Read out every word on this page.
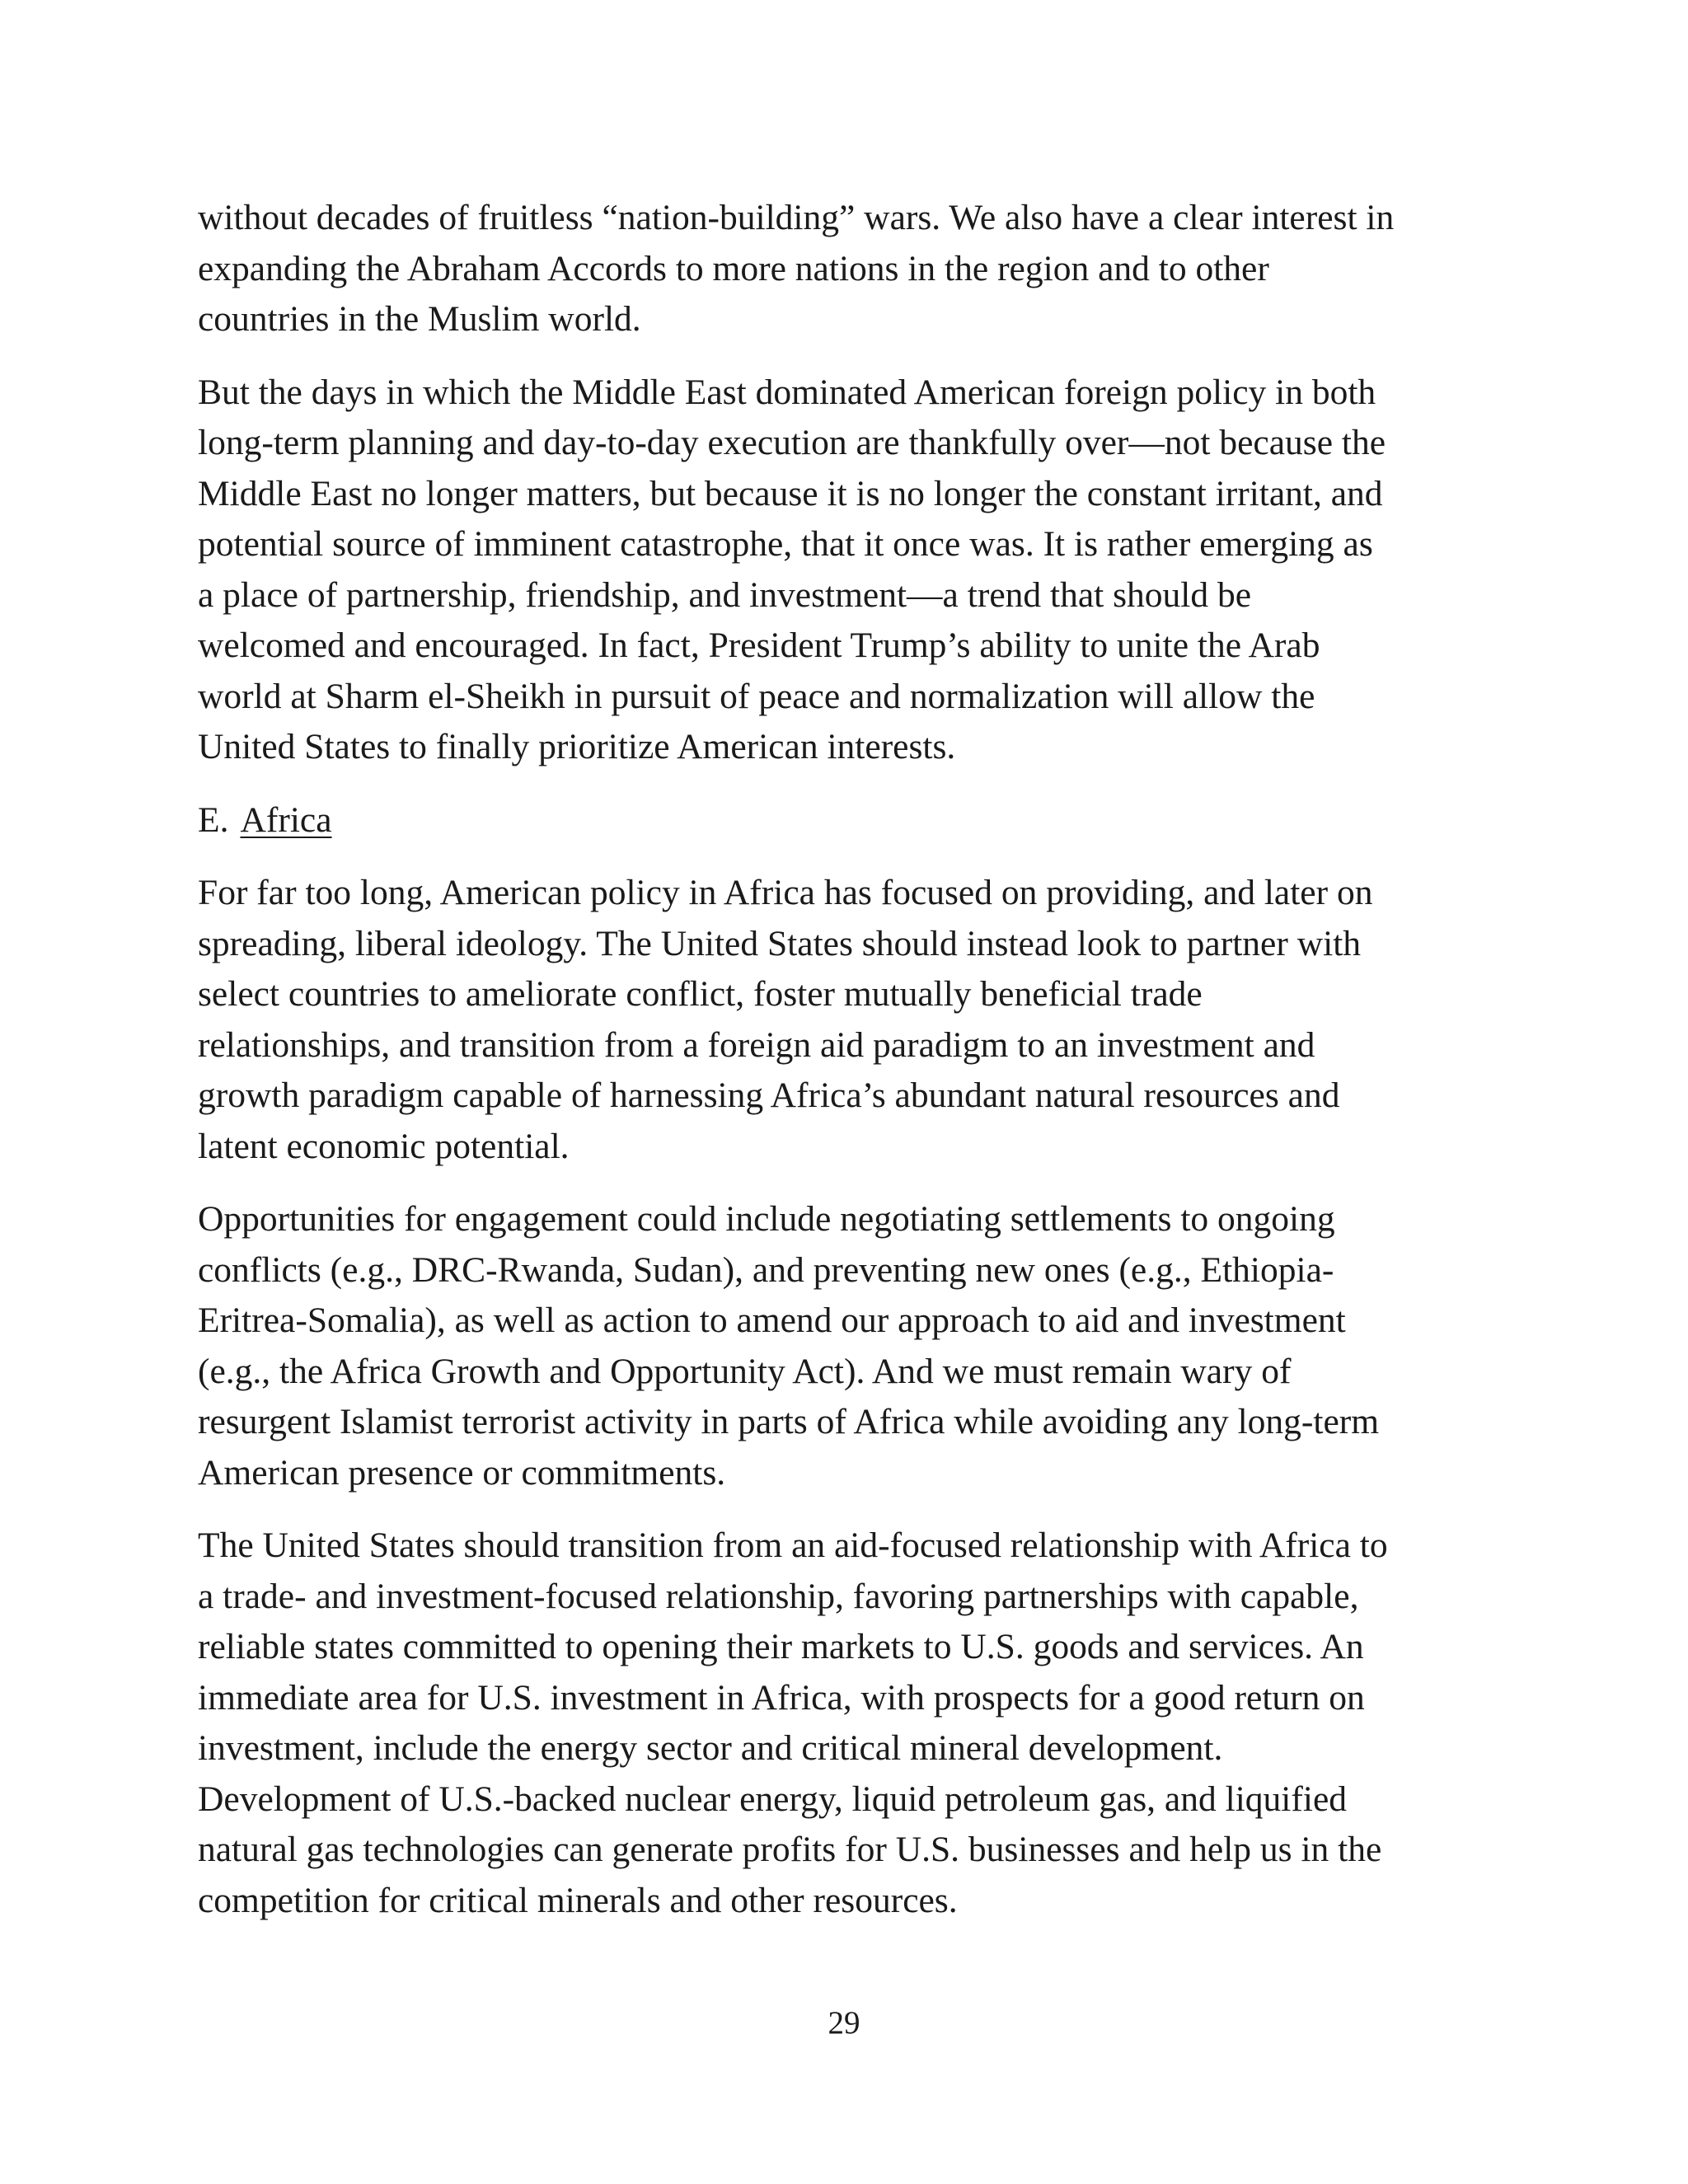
without decades of fruitless “nation-building” wars. We also have a clear interest in
expanding the Abraham Accords to more nations in the region and to other
countries in the Muslim world.

But the days in which the Middle East dominated American foreign policy in both
long-term planning and day-to-day execution are thankfully over—not because the
Middle East no longer matters, but because it is no longer the constant irritant, and
potential source of imminent catastrophe, that it once was. It is rather emerging as
a place of partnership, friendship, and investment—a trend that should be
welcomed and encouraged. In fact, President Trump’s ability to unite the Arab
world at Sharm el-Sheikh in pursuit of peace and normalization will allow the
United States to finally prioritize American interests.

E. Africa

For far too long, American policy in Africa has focused on providing, and later on
spreading, liberal ideology. The United States should instead look to partner with
select countries to ameliorate conflict, foster mutually beneficial trade
relationships, and transition from a foreign aid paradigm to an investment and
growth paradigm capable of harnessing Africa’s abundant natural resources and
latent economic potential.

Opportunities for engagement could include negotiating settlements to ongoing
conflicts (e.g., DRC-Rwanda, Sudan), and preventing new ones (e.g., Ethiopia-
Eritrea-Somalia), as well as action to amend our approach to aid and investment
(e.g., the Africa Growth and Opportunity Act). And we must remain wary of
resurgent Islamist terrorist activity in parts of Africa while avoiding any long-term
American presence or commitments.

The United States should transition from an aid-focused relationship with Africa to
a trade- and investment-focused relationship, favoring partnerships with capable,
reliable states committed to opening their markets to U.S. goods and services. An
immediate area for U.S. investment in Africa, with prospects for a good return on
investment, include the energy sector and critical mineral development.
Development of U.S.-backed nuclear energy, liquid petroleum gas, and liquified
natural gas technologies can generate profits for U.S. businesses and help us in the
competition for critical minerals and other resources.

29
